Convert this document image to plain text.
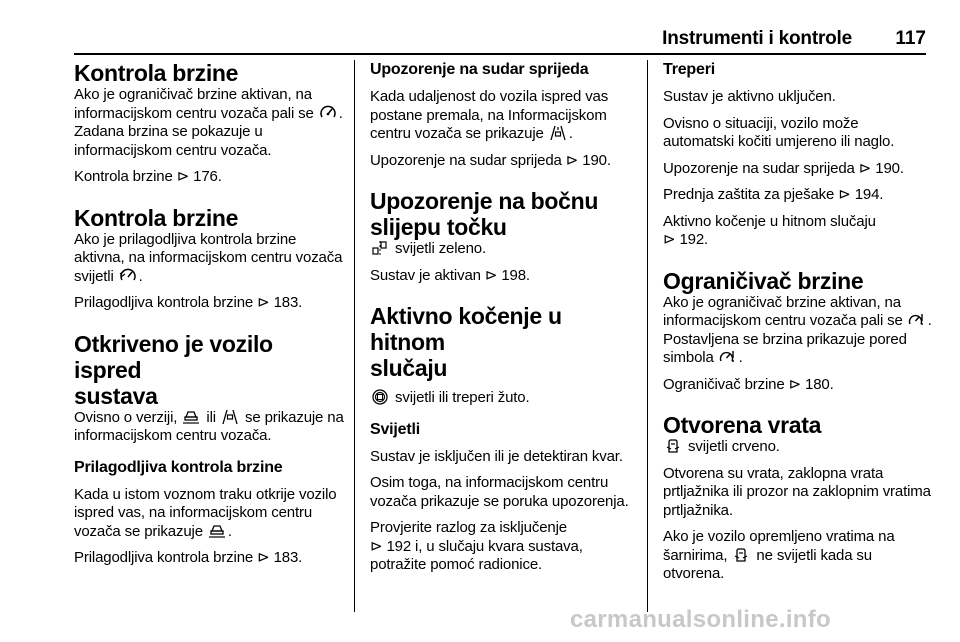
Instrumenti i kontrole 117
Kontrola brzine
Ako je ograničivač brzine aktivan, na informacijskom centru vozača pali se . Zadana brzina se pokazuje u informacijskom centru vozača.
Kontrola brzine ⊳ 176.
Kontrola brzine
Ako je prilagodljiva kontrola brzine aktivna, na informacijskom centru vozača svijetli .
Prilagodljiva kontrola brzine ⊳ 183.
Otkriveno je vozilo ispred
sustava
Ovisno o verziji, ili se prikazuje na informacijskom centru vozača.
Prilagodljiva kontrola brzine
Kada u istom voznom traku otkrije vozilo ispred vas, na informacijskom centru vozača se prikazuje .
Prilagodljiva kontrola brzine ⊳ 183.
Upozorenje na sudar sprijeda
Kada udaljenost do vozila ispred vas postane premala, na Informacijskom centru vozača se prikazuje .
Upozorenje na sudar sprijeda ⊳ 190.
Upozorenje na bočnu
slijepu točku
svijetli zeleno.
Sustav je aktivan ⊳ 198.
Aktivno kočenje u hitnom
slučaju
svijetli ili treperi žuto.
Svijetli
Sustav je isključen ili je detektiran kvar.
Osim toga, na informacijskom centru vozača prikazuje se poruka upozorenja.
Provjerite razlog za isključenje
⊳ 192 i, u slučaju kvara sustava, potražite pomoć radionice.
Treperi
Sustav je aktivno uključen.
Ovisno o situaciji, vozilo može automatski kočiti umjereno ili naglo.
Upozorenje na sudar sprijeda ⊳ 190.
Prednja zaštita za pješake ⊳ 194.
Aktivno kočenje u hitnom slučaju
⊳ 192.
Ograničivač brzine
Ako je ograničivač brzine aktivan, na informacijskom centru vozača pali se . Postavljena se brzina prikazuje pored simbola .
Ograničivač brzine ⊳ 180.
Otvorena vrata
svijetli crveno.
Otvorena su vrata, zaklopna vrata prtljažnika ili prozor na zaklopnim vratima prtljažnika.
Ako je vozilo opremljeno vratima na šarnirima, ne svijetli kada su otvorena.
carmanualsonline.info
